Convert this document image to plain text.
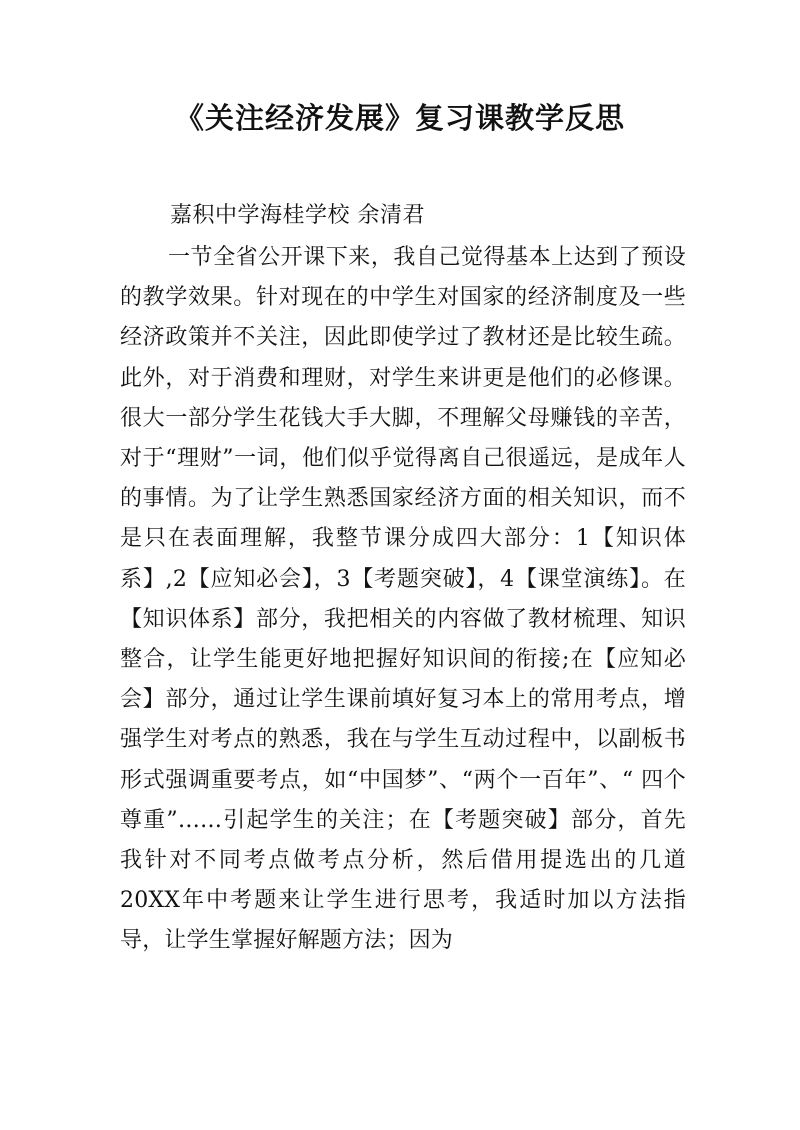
《关注经济发展》复习课教学反思

嘉积中学海桂学校 余清君

一节全省公开课下来，我自己觉得基本上达到了预设的教学效果。针对现在的中学生对国家的经济制度及一些经济政策并不关注，因此即使学过了教材还是比较生疏。此外，对于消费和理财，对学生来讲更是他们的必修课。很大一部分学生花钱大手大脚，不理解父母赚钱的辛苦，对于“理财”一词，他们似乎觉得离自己很遥远，是成年人的事情。为了让学生熟悉国家经济方面的相关知识，而不是只在表面理解，我整节课分成四大部分：1【知识体系】,2【应知必会】，3【考题突破】，4【课堂演练】。在【知识体系】部分，我把相关的内容做了教材梳理、知识整合，让学生能更好地把握好知识间的衔接;在【应知必会】部分，通过让学生课前填好复习本上的常用考点，增强学生对考点的熟悉，我在与学生互动过程中，以副板书形式强调重要考点，如“中国梦”、“两个一百年”、“ 四个尊重”……引起学生的关注；在【考题突破】部分，首先我针对不同考点做考点分析，然后借用提选出的几道20XX年中考题来让学生进行思考，我适时加以方法指导，让学生掌握好解题方法；因为
